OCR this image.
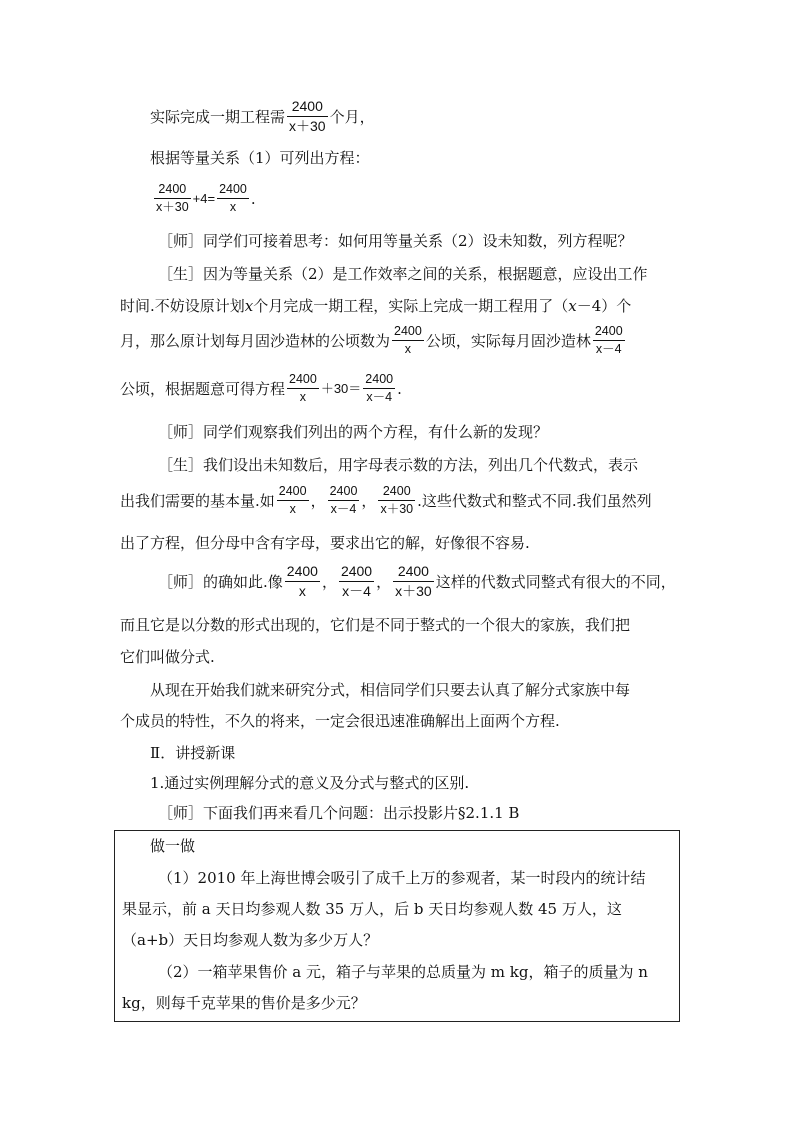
实际完成一期工程需 $\frac{2400}{x+30}$ 个月，
根据等量关系（1）可列出方程：
$\frac{2400}{x+30} +4= \frac{2400}{x}$ .
［师］同学们可接着思考：如何用等量关系（2）设未知数，列方程呢？
［生］因为等量关系（2）是工作效率之间的关系，根据题意，应设出工作
时间.不妨设原计划 x 个月完成一期工程，实际上完成一期工程用了（ x －4）个
月，那么原计划每月固沙造林的公顷数为 $\frac{2400}{x}$ 公顷，实际每月固沙造林 $\frac{2400}{x-4}$
公顷，根据题意可得方程 $\frac{2400}{x} +30= \frac{2400}{x-4}$ .
［师］同学们观察我们列出的两个方程，有什么新的发现？
［生］我们设出未知数后，用字母表示数的方法，列出几个代数式，表示
出我们需要的基本量.如 $\frac{2400}{x}$ ， $\frac{2400}{x-4}$ ， $\frac{2400}{x+30}$ .这些代数式和整式不同.我们虽然列
出了方程，但分母中含有字母，要求出它的解，好像很不容易.
［师］的确如此.像 $\frac{2400}{x}$ ， $\frac{2400}{x-4}$ ， $\frac{2400}{x+30}$ 这样的代数式同整式有很大的不同，
而且它是以分数的形式出现的，它们是不同于整式的一个很大的家族，我们把
它们叫做分式.
从现在开始我们就来研究分式，相信同学们只要去认真了解分式家族中每
个成员的特性，不久的将来，一定会很迅速准确解出上面两个方程.
Ⅱ．讲授新课
1.通过实例理解分式的意义及分式与整式的区别.
［师］下面我们再来看几个问题：出示投影片§2.1.1 B
做一做
（1）2010 年上海世博会吸引了成千上万的参观者，某一时段内的统计结
果显示，前 a 天日均参观人数 35 万人，后 b 天日均参观人数 45 万人，这
（a+b）天日均参观人数为多少万人？
（2）一箱苹果售价 a 元，箱子与苹果的总质量为 m kg，箱子的质量为 n
kg，则每千克苹果的售价是多少元？
